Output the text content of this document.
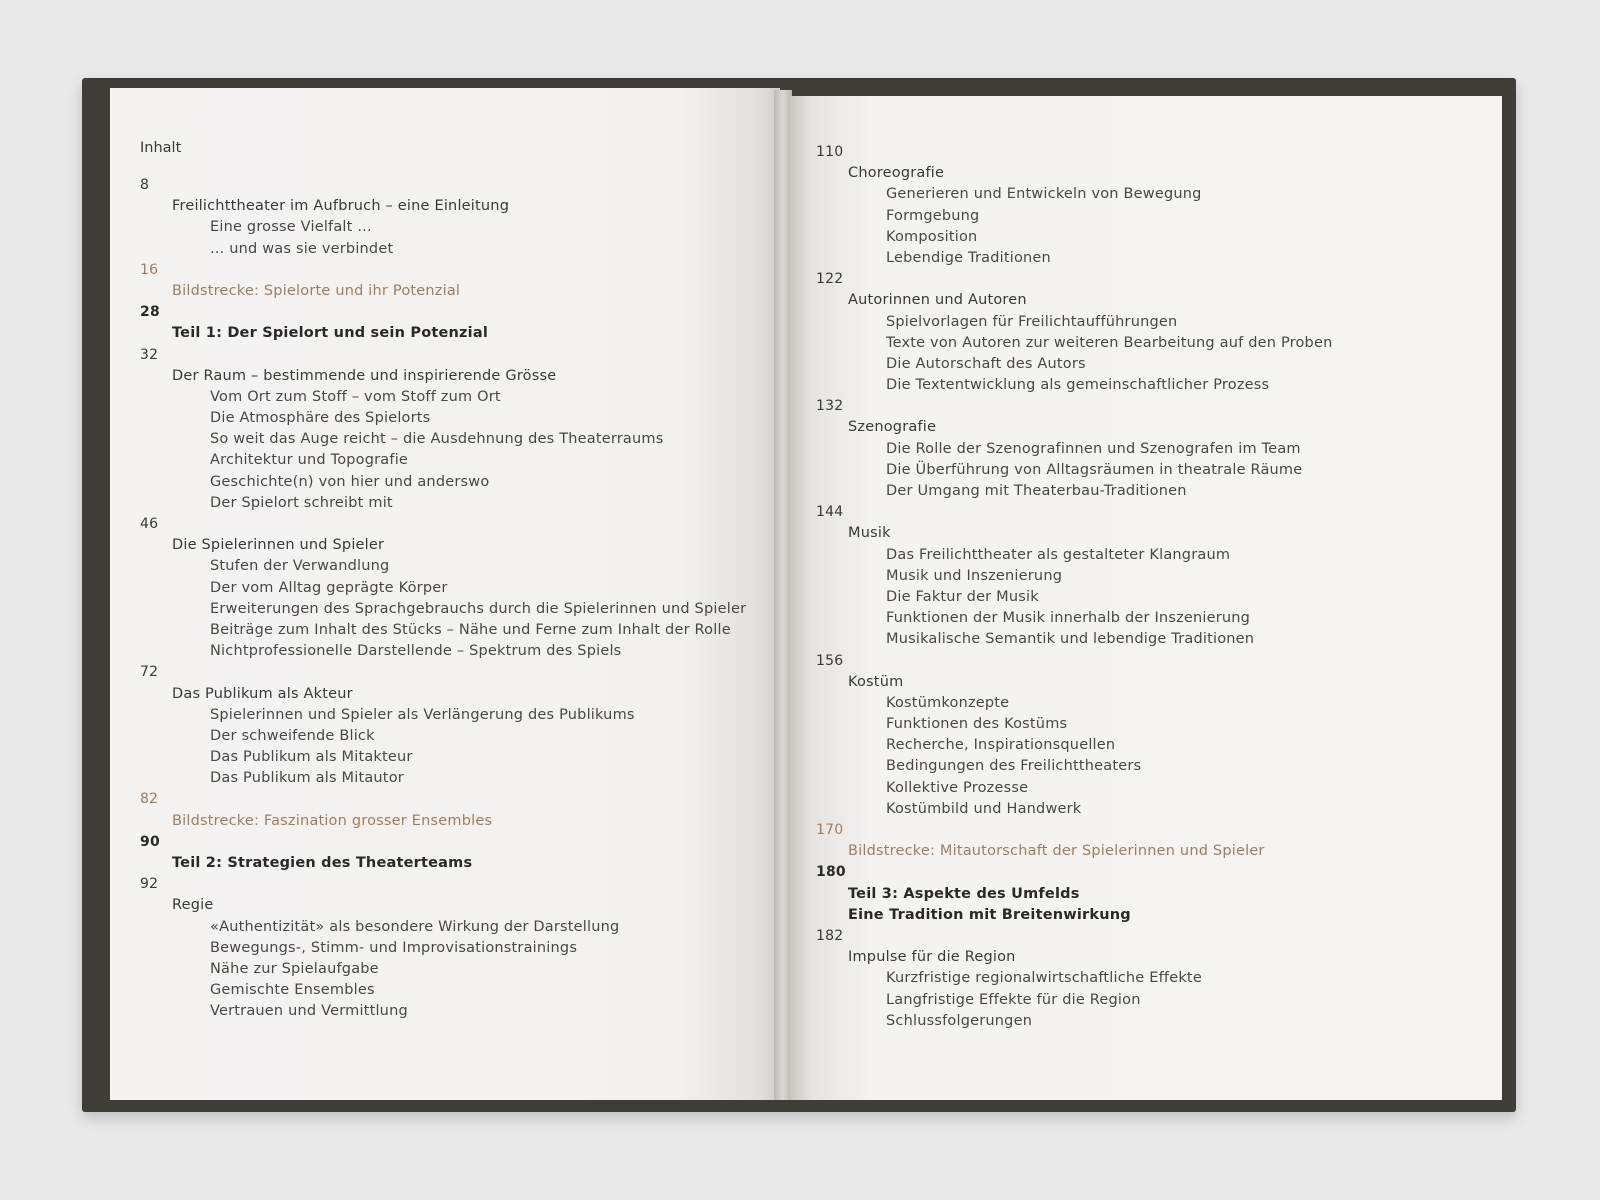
Inhalt
8
Freilichttheater im Aufbruch – eine Einleitung
Eine grosse Vielfalt ...
... und was sie verbindet
16
Bildstrecke: Spielorte und ihr Potenzial
28
Teil 1: Der Spielort und sein Potenzial
32
Der Raum – bestimmende und inspirierende Grösse
Vom Ort zum Stoff – vom Stoff zum Ort
Die Atmosphäre des Spielorts
So weit das Auge reicht – die Ausdehnung des Theaterraums
Architektur und Topografie
Geschichte(n) von hier und anderswo
Der Spielort schreibt mit
46
Die Spielerinnen und Spieler
Stufen der Verwandlung
Der vom Alltag geprägte Körper
Erweiterungen des Sprachgebrauchs durch die Spielerinnen und Spieler
Beiträge zum Inhalt des Stücks – Nähe und Ferne zum Inhalt der Rolle
Nichtprofessionelle Darstellende – Spektrum des Spiels
72
Das Publikum als Akteur
Spielerinnen und Spieler als Verlängerung des Publikums
Der schweifende Blick
Das Publikum als Mitakteur
Das Publikum als Mitautor
82
Bildstrecke: Faszination grosser Ensembles
90
Teil 2: Strategien des Theaterteams
92
Regie
«Authentizität» als besondere Wirkung der Darstellung
Bewegungs-, Stimm- und Improvisationstrainings
Nähe zur Spielaufgabe
Gemischte Ensembles
Vertrauen und Vermittlung
110
Choreografie
Generieren und Entwickeln von Bewegung
Formgebung
Komposition
Lebendige Traditionen
122
Autorinnen und Autoren
Spielvorlagen für Freilichtaufführungen
Texte von Autoren zur weiteren Bearbeitung auf den Proben
Die Autorschaft des Autors
Die Textentwicklung als gemeinschaftlicher Prozess
132
Szenografie
Die Rolle der Szenografinnen und Szenografen im Team
Die Überführung von Alltagsräumen in theatrale Räume
Der Umgang mit Theaterbau-Traditionen
144
Musik
Das Freilichttheater als gestalteter Klangraum
Musik und Inszenierung
Die Faktur der Musik
Funktionen der Musik innerhalb der Inszenierung
Musikalische Semantik und lebendige Traditionen
156
Kostüm
Kostümkonzepte
Funktionen des Kostüms
Recherche, Inspirationsquellen
Bedingungen des Freilichttheaters
Kollektive Prozesse
Kostümbild und Handwerk
170
Bildstrecke: Mitautorschaft der Spielerinnen und Spieler
180
Teil 3: Aspekte des Umfelds
Eine Tradition mit Breitenwirkung
182
Impulse für die Region
Kurzfristige regionalwirtschaftliche Effekte
Langfristige Effekte für die Region
Schlussfolgerungen
